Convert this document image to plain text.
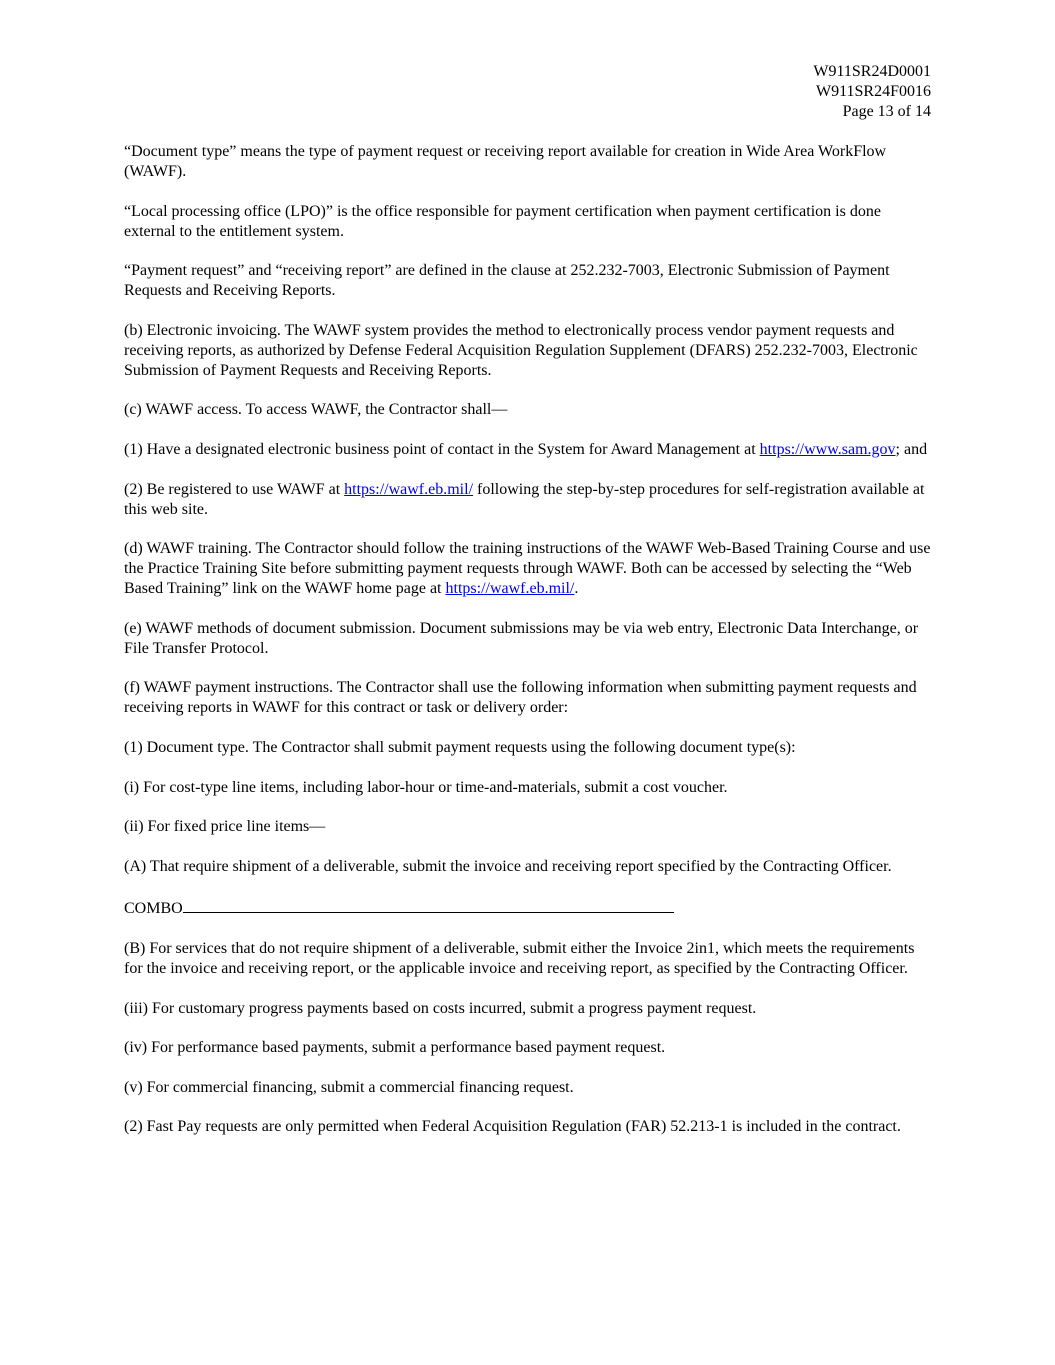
W911SR24D0001
W911SR24F0016
Page 13 of 14

“Document type” means the type of payment request or receiving report available for creation in Wide Area WorkFlow (WAWF).

“Local processing office (LPO)” is the office responsible for payment certification when payment certification is done external to the entitlement system.

“Payment request” and “receiving report” are defined in the clause at 252.232-7003, Electronic Submission of Payment Requests and Receiving Reports.

(b) Electronic invoicing. The WAWF system provides the method to electronically process vendor payment requests and receiving reports, as authorized by Defense Federal Acquisition Regulation Supplement (DFARS) 252.232-7003, Electronic Submission of Payment Requests and Receiving Reports.

(c) WAWF access. To access WAWF, the Contractor shall—

(1) Have a designated electronic business point of contact in the System for Award Management at https://www.sam.gov; and

(2) Be registered to use WAWF at https://wawf.eb.mil/ following the step-by-step procedures for self-registration available at this web site.

(d) WAWF training. The Contractor should follow the training instructions of the WAWF Web-Based Training Course and use the Practice Training Site before submitting payment requests through WAWF. Both can be accessed by selecting the “Web Based Training” link on the WAWF home page at https://wawf.eb.mil/.

(e) WAWF methods of document submission. Document submissions may be via web entry, Electronic Data Interchange, or File Transfer Protocol.

(f) WAWF payment instructions. The Contractor shall use the following information when submitting payment requests and receiving reports in WAWF for this contract or task or delivery order:

(1) Document type. The Contractor shall submit payment requests using the following document type(s):

(i) For cost-type line items, including labor-hour or time-and-materials, submit a cost voucher.

(ii) For fixed price line items—

(A) That require shipment of a deliverable, submit the invoice and receiving report specified by the Contracting Officer.

COMBO

(B) For services that do not require shipment of a deliverable, submit either the Invoice 2in1, which meets the requirements for the invoice and receiving report, or the applicable invoice and receiving report, as specified by the Contracting Officer.

(iii) For customary progress payments based on costs incurred, submit a progress payment request.

(iv) For performance based payments, submit a performance based payment request.

(v) For commercial financing, submit a commercial financing request.

(2) Fast Pay requests are only permitted when Federal Acquisition Regulation (FAR) 52.213-1 is included in the contract.
